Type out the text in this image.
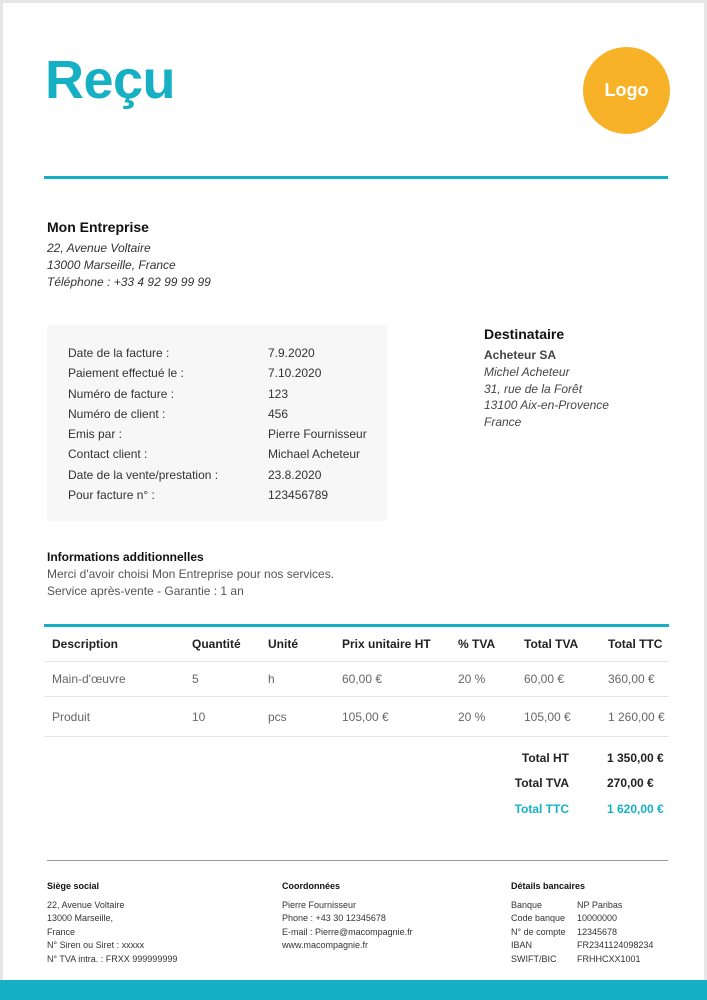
Reçu	Logo
Mon Entreprise
22, Avenue Voltaire
13000 Marseille, France
Téléphone : +33 4 92 99 99 99
Date de la facture :	7.9.2020
Paiement effectué le :	7.10.2020
Numéro de facture :	123
Numéro de client :	456
Emis par :	Pierre Fournisseur
Contact client :	Michael Acheteur
Date de la vente/prestation :	23.8.2020
Pour facture n° :	123456789
Destinataire
Acheteur SA
Michel Acheteur
31, rue de la Forêt
13100 Aix-en-Provence
France
Informations additionnelles
Merci d'avoir choisi Mon Entreprise pour nos services.
Service après-vente - Garantie : 1 an
Description	Quantité	Unité	Prix unitaire HT	% TVA	Total TVA	Total TTC
Main-d'œuvre	5	h	60,00 €	20 %	60,00 €	360,00 €
Produit	10	pcs	105,00 €	20 %	105,00 €	1 260,00 €
Total HT	1 350,00 €
Total TVA	270,00 €
Total TTC	1 620,00 €
Siège social
22, Avenue Voltaire
13000 Marseille,
France
N° Siren ou Siret : xxxxx
N° TVA intra. : FRXX 999999999
Coordonnées
Pierre Fournisseur
Phone : +43 30 12345678
E-mail : Pierre@macompagnie.fr
www.macompagnie.fr
Détails bancaires
Banque	NP Paribas
Code banque	10000000
N° de compte	12345678
IBAN	FR2341124098234
SWIFT/BIC	FRHHCXX1001
